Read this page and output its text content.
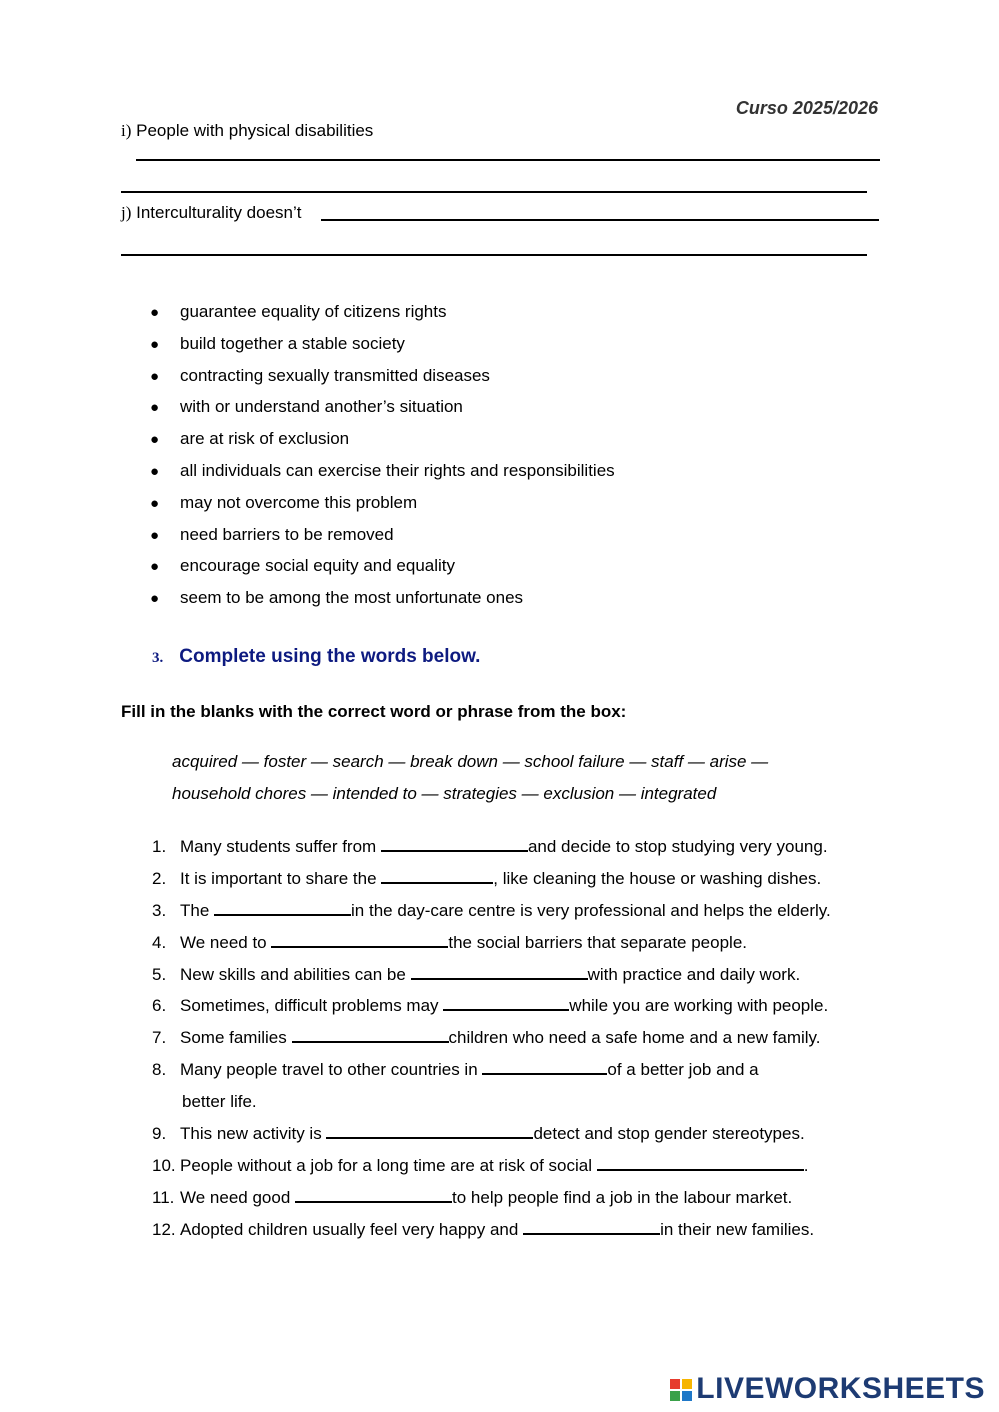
Curso 2025/2026
i) People with physical disabilities
j) Interculturality doesn’t
● guarantee equality of citizens rights
● build together a stable society
● contracting sexually transmitted diseases
● with or understand another’s situation
● are at risk of exclusion
● all individuals can exercise their rights and responsibilities
● may not overcome this problem
● need barriers to be removed
● encourage social equity and equality
● seem to be among the most unfortunate ones
3. Complete using the words below.
Fill in the blanks with the correct word or phrase from the box:
acquired — foster — search — break down — school failure — staff — arise —
household chores — intended to — strategies — exclusion — integrated
1. Many students suffer from	and decide to stop studying very young.
2. It is important to share the	, like cleaning the house or washing dishes.
3. The	in the day-care centre is very professional and helps the elderly.
4. We need to	the social barriers that separate people.
5. New skills and abilities can be	with practice and daily work.
6. Sometimes, difficult problems may	while you are working with people.
7. Some families	children who need a safe home and a new family.
8. Many people travel to other countries in	of a better job and a
better life.
9. This new activity is	detect and stop gender stereotypes.
10. People without a job for a long time are at risk of social	.
11. We need good	to help people find a job in the labour market.
12. Adopted children usually feel very happy and	in their new families.
LIVEWORKSHEETS
